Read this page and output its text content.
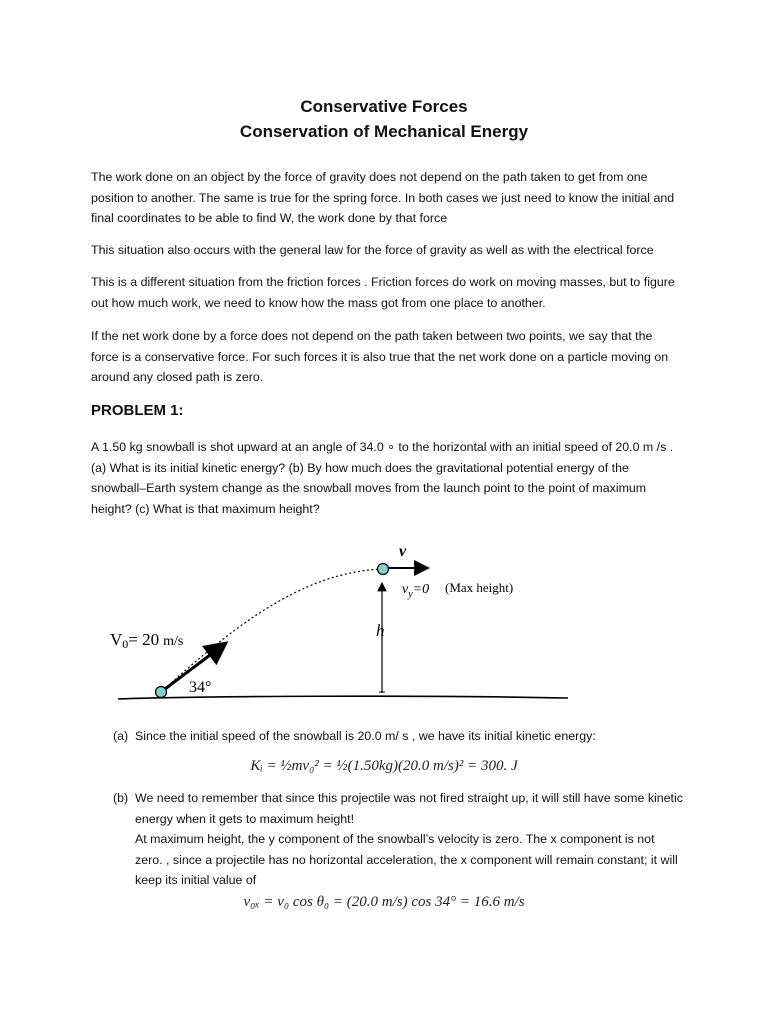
Conservative Forces
Conservation of Mechanical Energy

The work done on an object by the force of gravity does not depend on the path taken to get from one position to another. The same is true for the spring force. In both cases we just need to know the initial and final coordinates to be able to find W, the work done by that force

This situation also occurs with the general law for the force of gravity as well as with the electrical force

This is a different situation from the friction forces . Friction forces do work on moving masses, but to figure out how much work, we need to know how the mass got from one place to another.

If the net work done by a force does not depend on the path taken between two points, we say that the force is a conservative force. For such forces it is also true that the net work done on a particle moving on around any closed path is zero.

PROBLEM 1:

A 1.50 kg snowball is shot upward at an angle of 34.0 ∘ to the horizontal with an initial speed of 20.0 m /s . (a) What is its initial kinetic energy? (b) By how much does the gravitational potential energy of the snowball–Earth system change as the snowball moves from the launch point to the point of maximum height? (c) What is that maximum height?

v
$v_y=0$ (Max height)
h
V0= 20 m/s
34°
(a) Since the initial speed of the snowball is 20.0 m/ s , we have its initial kinetic energy:
Kᵢ = ½mv₀² = ½(1.50kg)(20.0 m/s)² = 300. J
(b) We need to remember that since this projectile was not fired straight up, it will still have some kinetic energy when it gets to maximum height!
At maximum height, the y component of the snowball’s velocity is zero. The x component is not zero. , since a projectile has no horizontal acceleration, the x component will remain constant; it will keep its initial value of
v₀ₓ = v₀ cos θ₀ = (20.0 m/s) cos 34° = 16.6 m/s
